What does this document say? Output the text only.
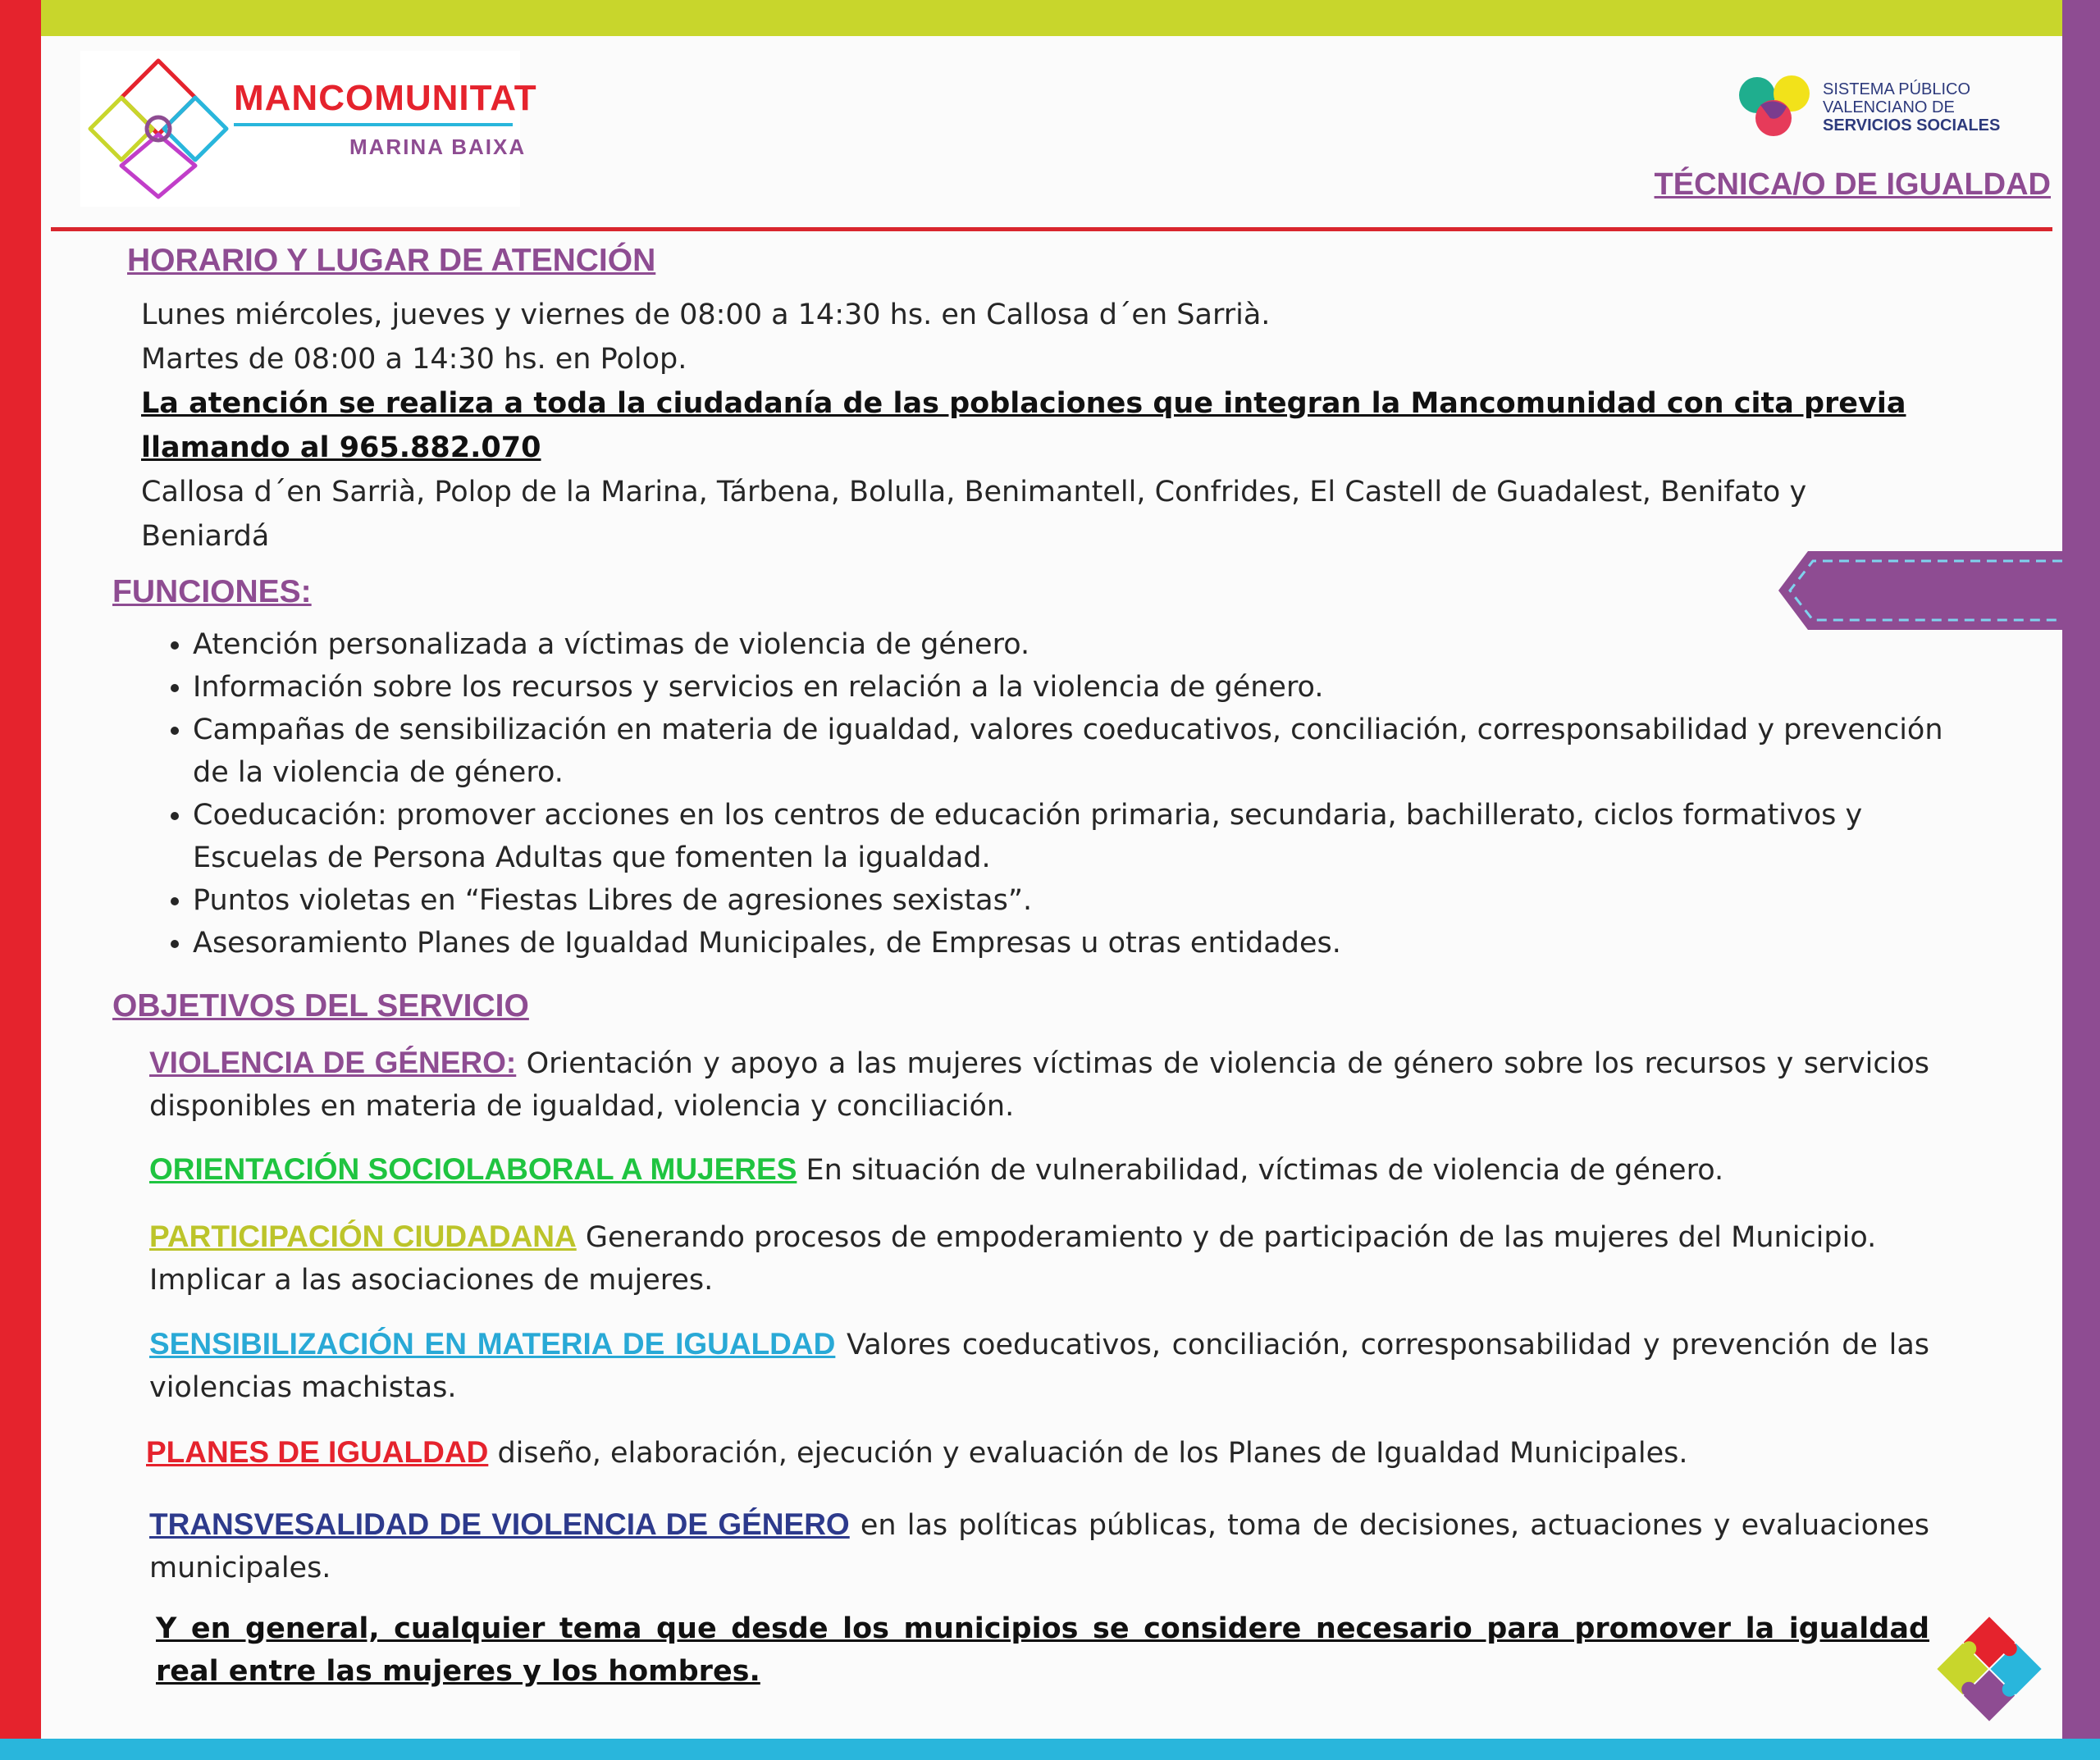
MANCOMUNITAT
MARINA BAIXA
SISTEMA PÚBLICO
VALENCIANO DE
SERVICIOS SOCIALES
TÉCNICA/O DE IGUALDAD
HORARIO Y LUGAR DE ATENCIÓN
Lunes miércoles, jueves y viernes de 08:00 a 14:30 hs. en Callosa d´en Sarrià.
Martes de 08:00 a 14:30 hs. en Polop.
La atención se realiza a toda la ciudadanía de las poblaciones que integran la Mancomunidad con cita previa llamando al 965.882.070
Callosa d´en Sarrià, Polop de la Marina, Tárbena, Bolulla, Benimantell, Confrides, El Castell de Guadalest, Benifato y Beniardá
FUNCIONES:
• Atención personalizada a víctimas de violencia de género.
• Información sobre los recursos y servicios en relación a la violencia de género.
• Campañas de sensibilización en materia de igualdad, valores coeducativos, conciliación, corresponsabilidad y prevención de la violencia de género.
• Coeducación: promover acciones en los centros de educación primaria, secundaria, bachillerato, ciclos formativos y Escuelas de Persona Adultas que fomenten la igualdad.
• Puntos violetas en “Fiestas Libres de agresiones sexistas”.
• Asesoramiento Planes de Igualdad Municipales, de Empresas u otras entidades.
OBJETIVOS DEL SERVICIO
VIOLENCIA DE GÉNERO: Orientación y apoyo a las mujeres víctimas de violencia de género sobre los recursos y servicios disponibles en materia de igualdad, violencia y conciliación.
ORIENTACIÓN SOCIOLABORAL A MUJERES En situación de vulnerabilidad, víctimas de violencia de género.
PARTICIPACIÓN CIUDADANA Generando procesos de empoderamiento y de participación de las mujeres del Municipio. Implicar a las asociaciones de mujeres.
SENSIBILIZACIÓN EN MATERIA DE IGUALDAD Valores coeducativos, conciliación, corresponsabilidad y prevención de las violencias machistas.
PLANES DE IGUALDAD diseño, elaboración, ejecución y evaluación de los Planes de Igualdad Municipales.
TRANSVESALIDAD DE VIOLENCIA DE GÉNERO en las políticas públicas, toma de decisiones, actuaciones y evaluaciones municipales.
Y en general, cualquier tema que desde los municipios se considere necesario para promover la igualdad real entre las mujeres y los hombres.
